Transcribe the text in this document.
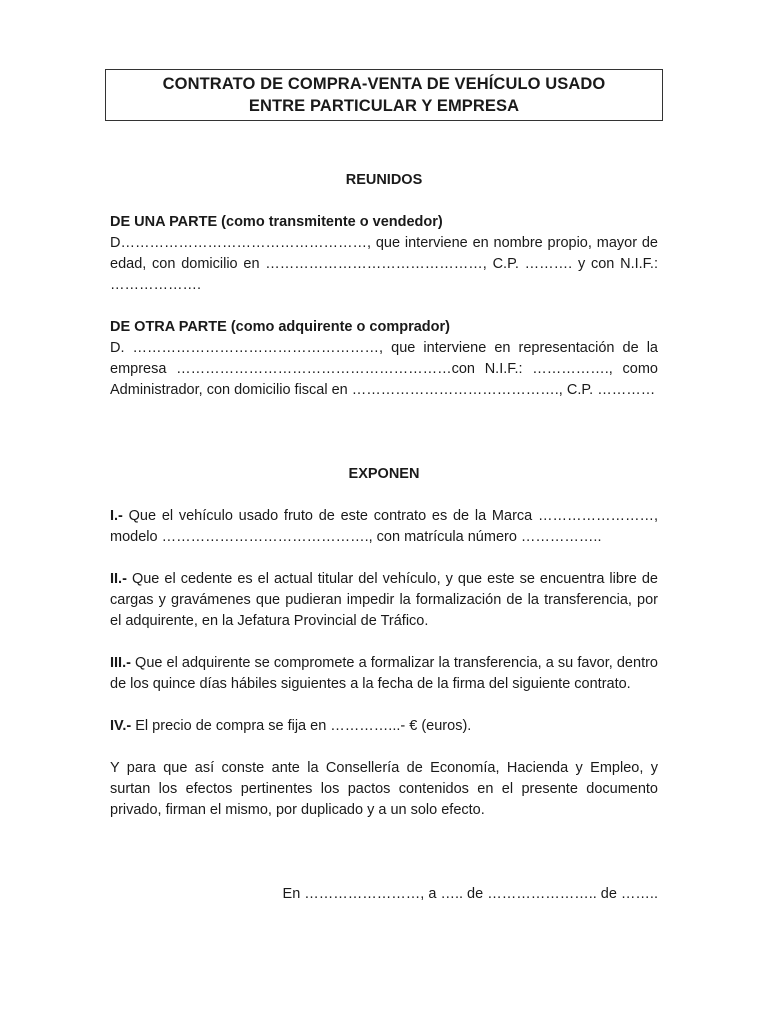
CONTRATO DE COMPRA-VENTA DE VEHÍCULO USADO
ENTRE PARTICULAR Y EMPRESA

REUNIDOS

DE UNA PARTE (como transmitente o vendedor)

D……………………………………………, que interviene en nombre propio, mayor de edad, con domicilio en ………………………………………, C.P. ………. y con N.I.F.: ……………….

DE OTRA PARTE (como adquirente o comprador)

D. ……………………………………………, que interviene en representación de la empresa …………………………………………………con N.I.F.: ……………., como Administrador, con domicilio fiscal en ……………………………………., C.P. …………

EXPONEN

I.- Que el vehículo usado fruto de este contrato es de la Marca ……………………, modelo ……………………………………., con matrícula número ……………..

II.- Que el cedente es el actual titular del vehículo, y que este se encuentra libre de cargas y gravámenes que pudieran impedir la formalización de la transferencia, por el adquirente, en la Jefatura Provincial de Tráfico.

III.- Que el adquirente se compromete a formalizar la transferencia, a su favor, dentro de los quince días hábiles siguientes a la fecha de la firma del siguiente contrato.

IV.- El precio de compra se fija en …………...- € (euros).

Y para que así conste ante la Consellería de Economía, Hacienda y Empleo, y surtan los efectos pertinentes los pactos contenidos en el presente documento privado, firman el mismo, por duplicado y a un solo efecto.

En ……………………, a ….. de ………………….. de ……..
